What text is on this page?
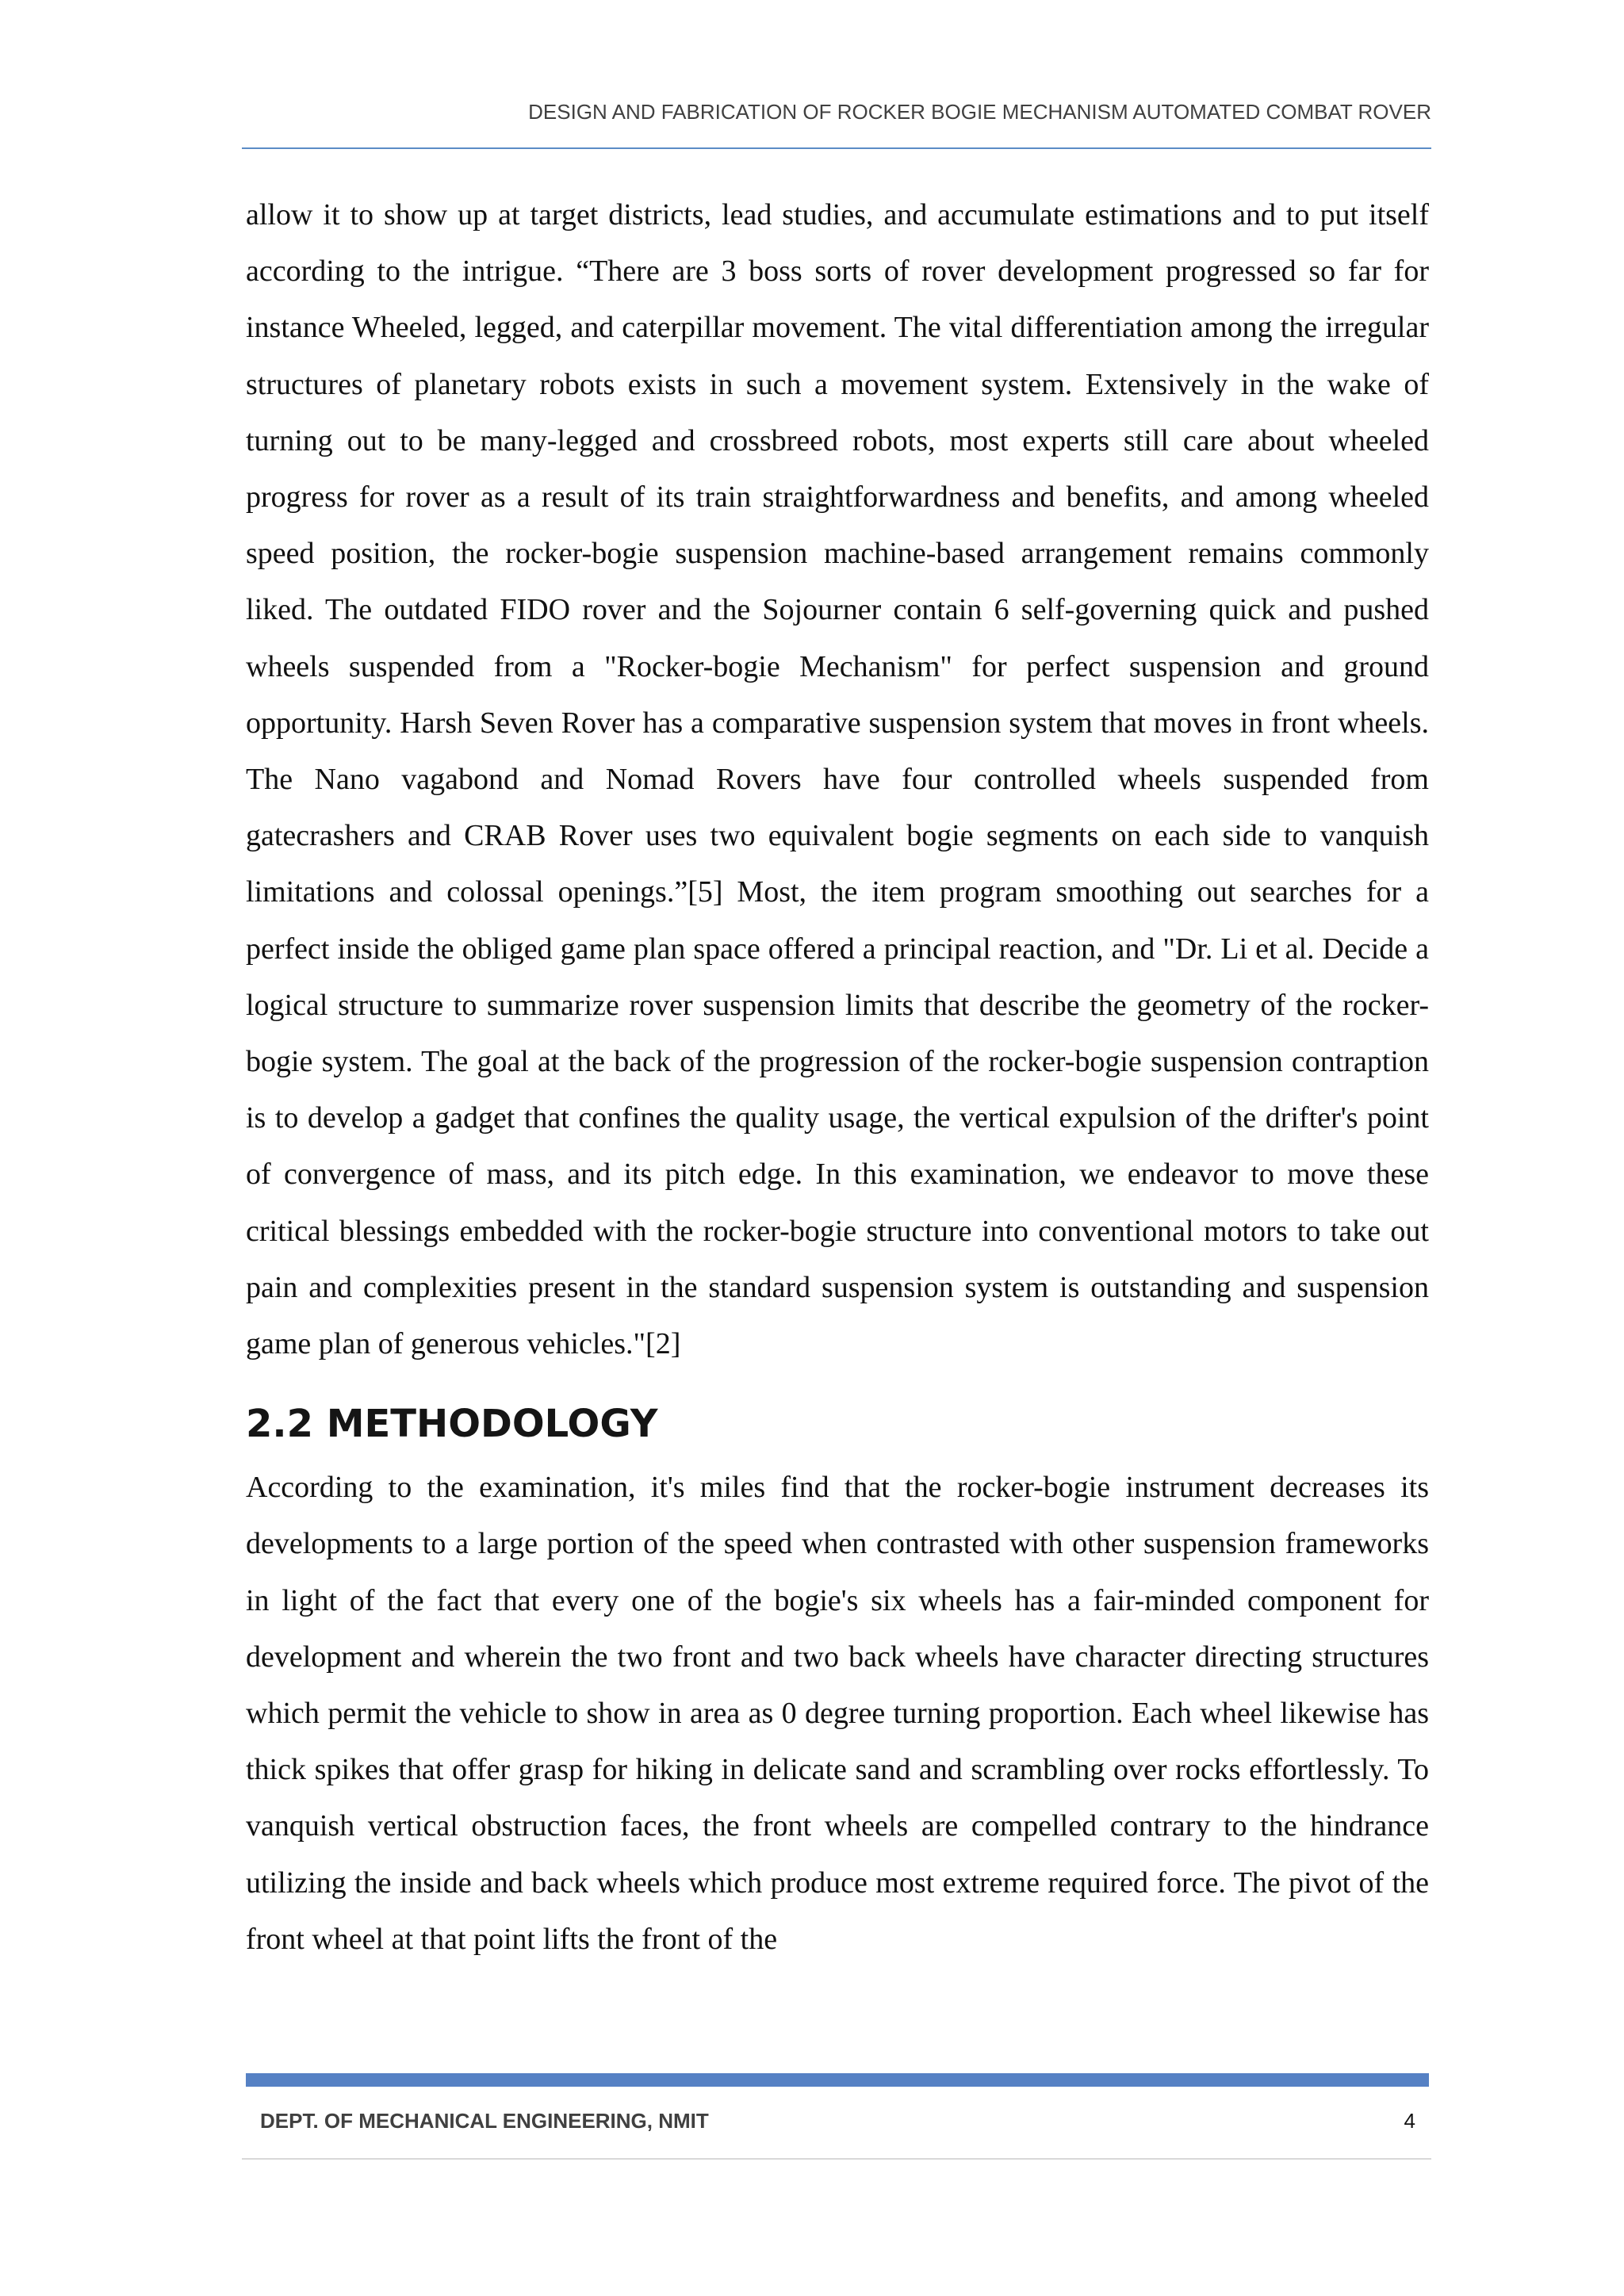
DESIGN AND FABRICATION OF ROCKER BOGIE MECHANISM AUTOMATED COMBAT ROVER

allow it to show up at target districts, lead studies, and accumulate estimations and to put itself according to the intrigue. “There are 3 boss sorts of rover development progressed so far for instance Wheeled, legged, and caterpillar movement. The vital differentiation among the irregular structures of planetary robots exists in such a movement system. Extensively in the wake of turning out to be many-legged and crossbreed robots, most experts still care about wheeled progress for rover as a result of its train straightforwardness and benefits, and among wheeled speed position, the rocker-bogie suspension machine-based arrangement remains commonly liked. The outdated FIDO rover and the Sojourner contain 6 self-governing quick and pushed wheels suspended from a "Rocker-bogie Mechanism" for perfect suspension and ground opportunity. Harsh Seven Rover has a comparative suspension system that moves in front wheels. The Nano vagabond and Nomad Rovers have four controlled wheels suspended from gatecrashers and CRAB Rover uses two equivalent bogie segments on each side to vanquish limitations and colossal openings.”[5] Most, the item program smoothing out searches for a perfect inside the obliged game plan space offered a principal reaction, and "Dr. Li et al. Decide a logical structure to summarize rover suspension limits that describe the geometry of the rocker-bogie system. The goal at the back of the progression of the rocker-bogie suspension contraption is to develop a gadget that confines the quality usage, the vertical expulsion of the drifter's point of convergence of mass, and its pitch edge. In this examination, we endeavor to move these critical blessings embedded with the rocker-bogie structure into conventional motors to take out pain and complexities present in the standard suspension system is outstanding and suspension game plan of generous vehicles."[2]

2.2 METHODOLOGY

According to the examination, it's miles find that the rocker-bogie instrument decreases its developments to a large portion of the speed when contrasted with other suspension frameworks in light of the fact that every one of the bogie's six wheels has a fair-minded component for development and wherein the two front and two back wheels have character directing structures which permit the vehicle to show in area as 0 degree turning proportion. Each wheel likewise has thick spikes that offer grasp for hiking in delicate sand and scrambling over rocks effortlessly. To vanquish vertical obstruction faces, the front wheels are compelled contrary to the hindrance utilizing the inside and back wheels which produce most extreme required force. The pivot of the front wheel at that point lifts the front of the

DEPT. OF MECHANICAL ENGINEERING, NMIT	4
